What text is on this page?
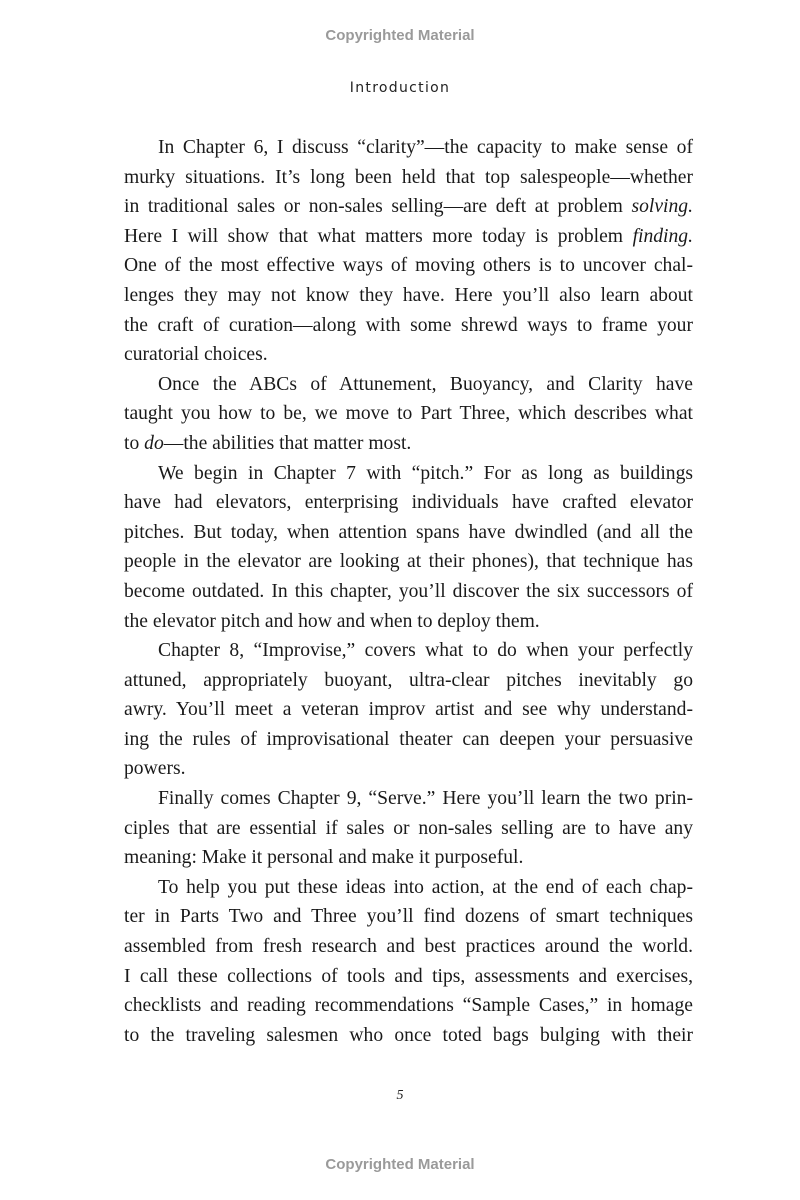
Copyrighted Material
Introduction

In Chapter 6, I discuss “clarity”—the capacity to make sense of
murky situations. It’s long been held that top salespeople—whether
in traditional sales or non-sales selling—are deft at problem solving.
Here I will show that what matters more today is problem finding.
One of the most effective ways of moving others is to uncover chal-
lenges they may not know they have. Here you’ll also learn about
the craft of curation—along with some shrewd ways to frame your
curatorial choices.

Once the ABCs of Attunement, Buoyancy, and Clarity have
taught you how to be, we move to Part Three, which describes what
to do—the abilities that matter most.

We begin in Chapter 7 with “pitch.” For as long as buildings
have had elevators, enterprising individuals have crafted elevator
pitches. But today, when attention spans have dwindled (and all the
people in the elevator are looking at their phones), that technique has
become outdated. In this chapter, you’ll discover the six successors of
the elevator pitch and how and when to deploy them.

Chapter 8, “Improvise,” covers what to do when your perfectly
attuned, appropriately buoyant, ultra-clear pitches inevitably go
awry. You’ll meet a veteran improv artist and see why understand-
ing the rules of improvisational theater can deepen your persuasive
powers.

Finally comes Chapter 9, “Serve.” Here you’ll learn the two prin-
ciples that are essential if sales or non-sales selling are to have any
meaning: Make it personal and make it purposeful.

To help you put these ideas into action, at the end of each chap-
ter in Parts Two and Three you’ll find dozens of smart techniques
assembled from fresh research and best practices around the world.
I call these collections of tools and tips, assessments and exercises,
checklists and reading recommendations “Sample Cases,” in homage
to the traveling salesmen who once toted bags bulging with their

5
Copyrighted Material
